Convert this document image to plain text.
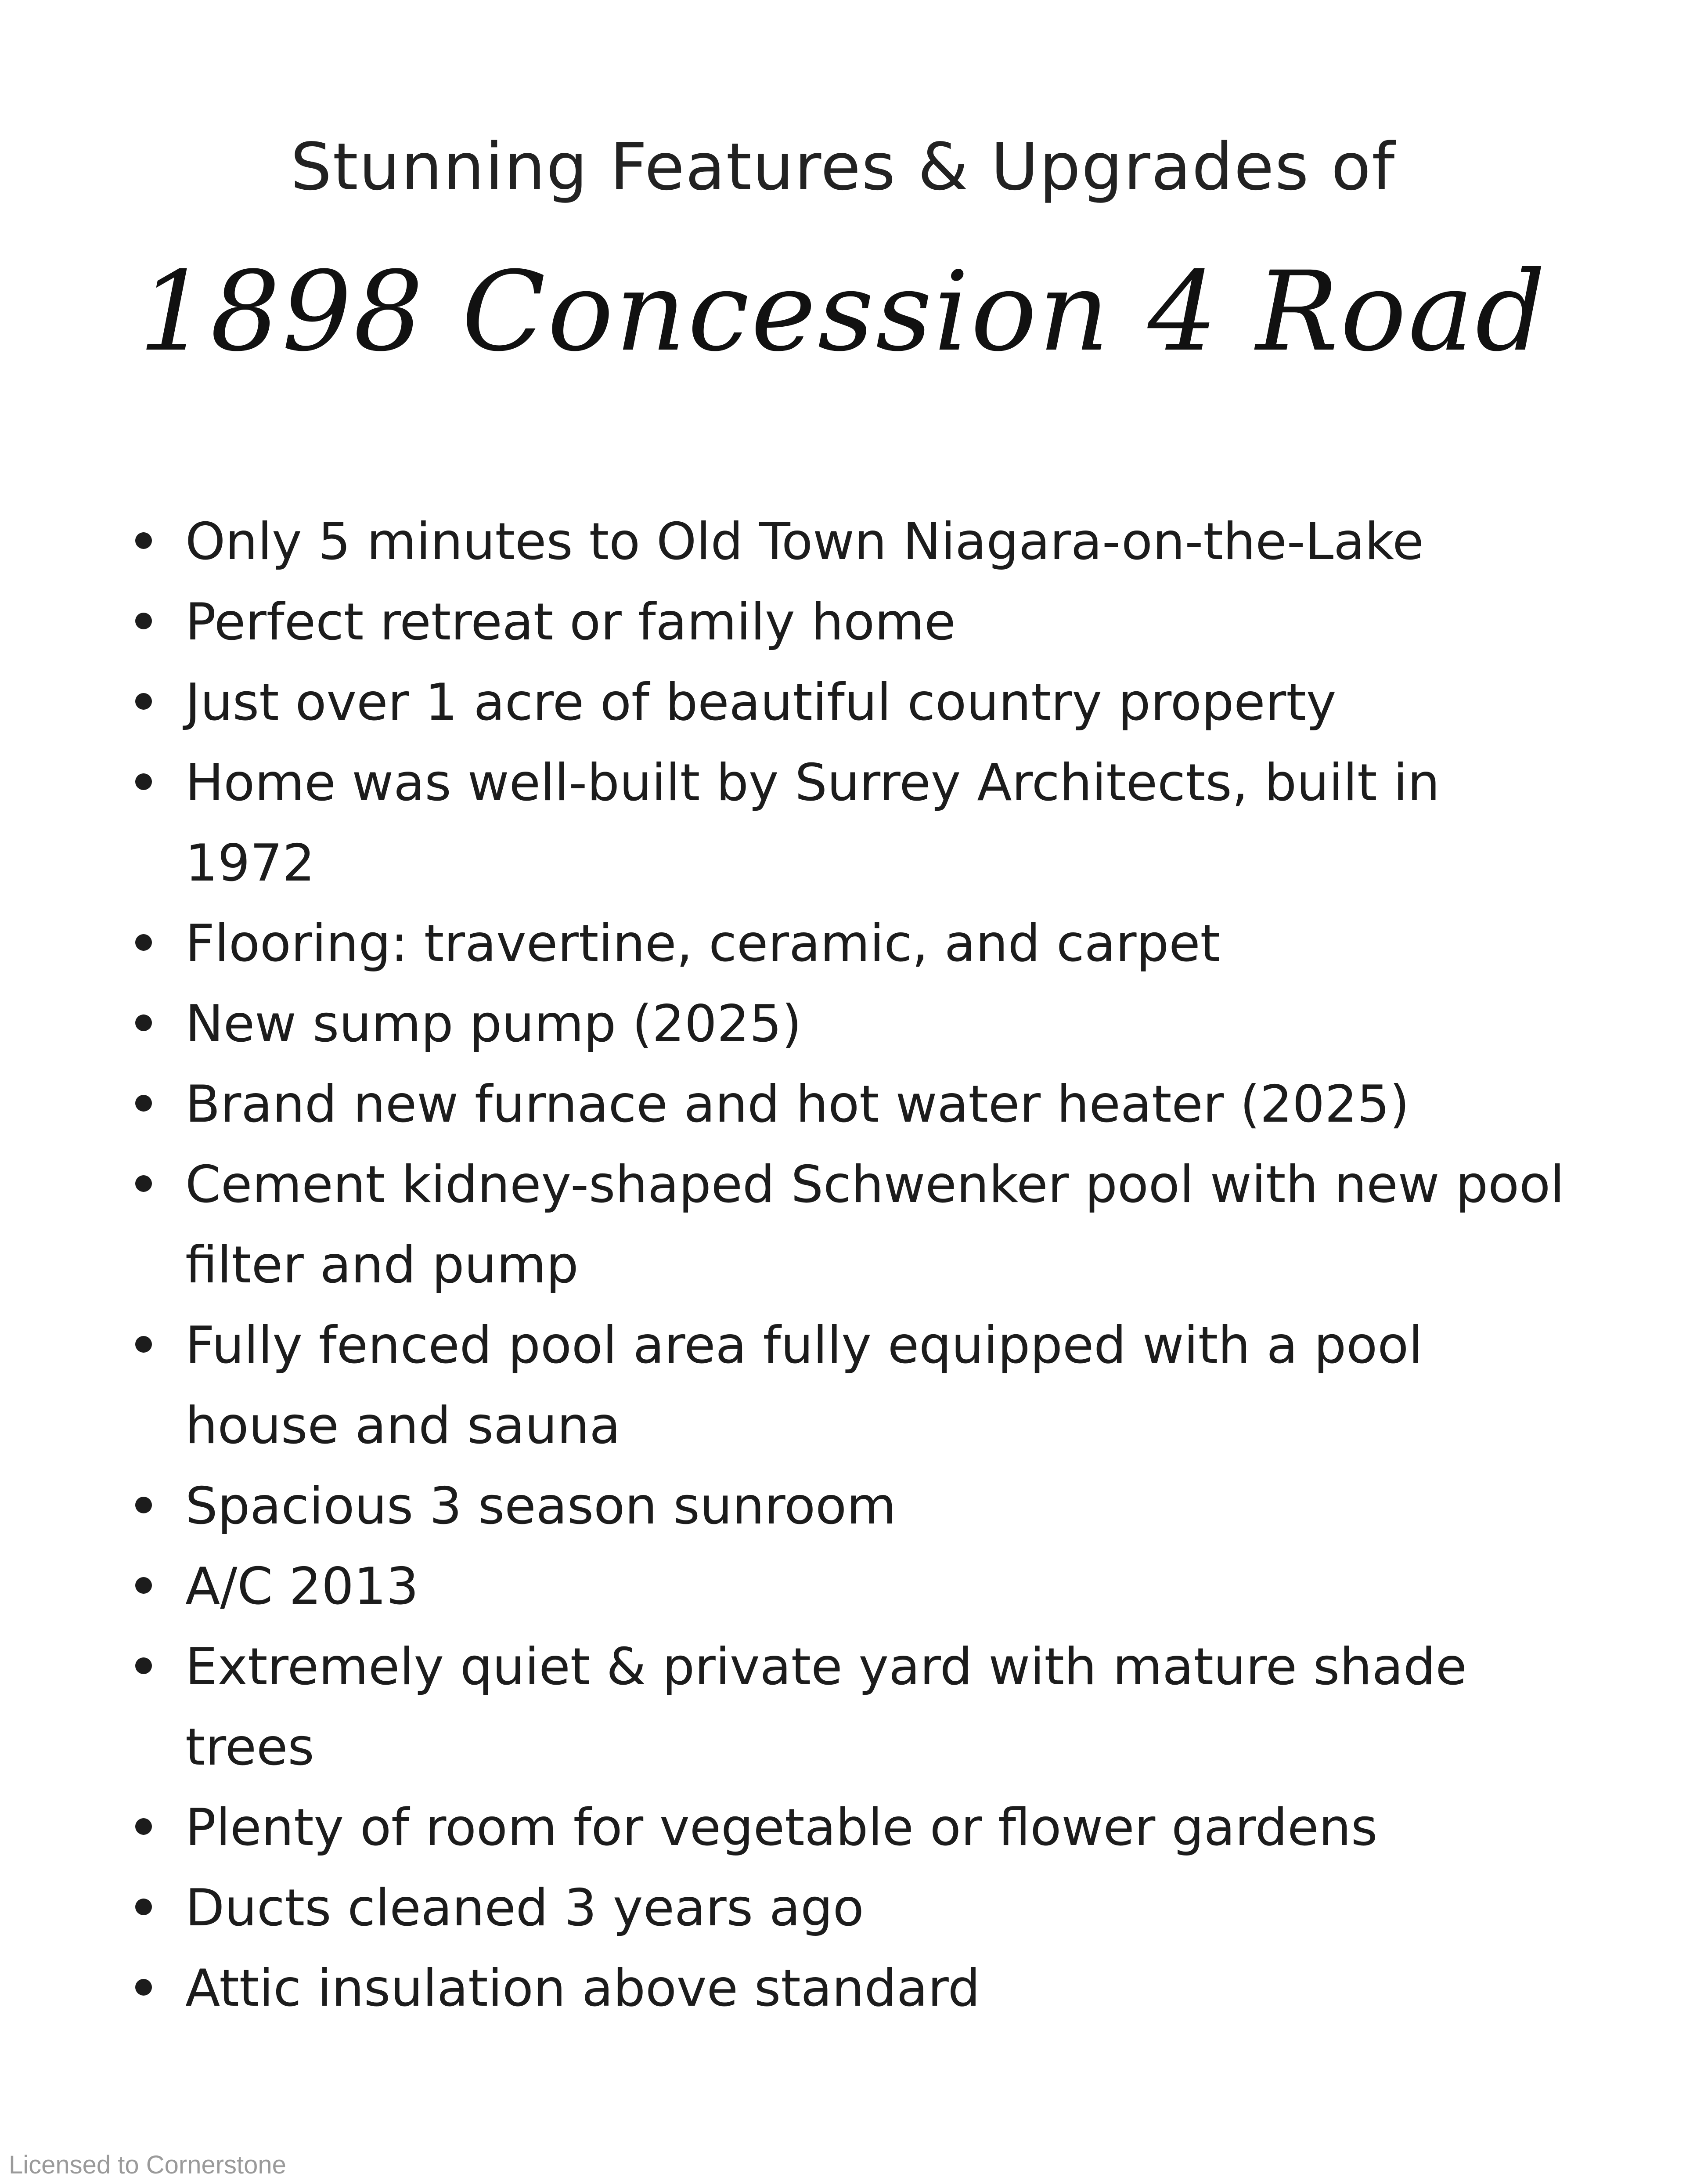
Stunning Features & Upgrades of
1898 Concession 4 Road
Only 5 minutes to Old Town Niagara-on-the-Lake
Perfect retreat or family home
Just over 1 acre of beautiful country property
Home was well-built by Surrey Architects, built in 1972
Flooring: travertine, ceramic, and carpet
New sump pump (2025)
Brand new furnace and hot water heater (2025)
Cement kidney-shaped Schwenker pool with new pool filter and pump
Fully fenced pool area fully equipped with a pool house and sauna
Spacious 3 season sunroom
A/C 2013
Extremely quiet & private yard with mature shade trees
Plenty of room for vegetable or flower gardens
Ducts cleaned 3 years ago
Attic insulation above standard
Licensed to Cornerstone
